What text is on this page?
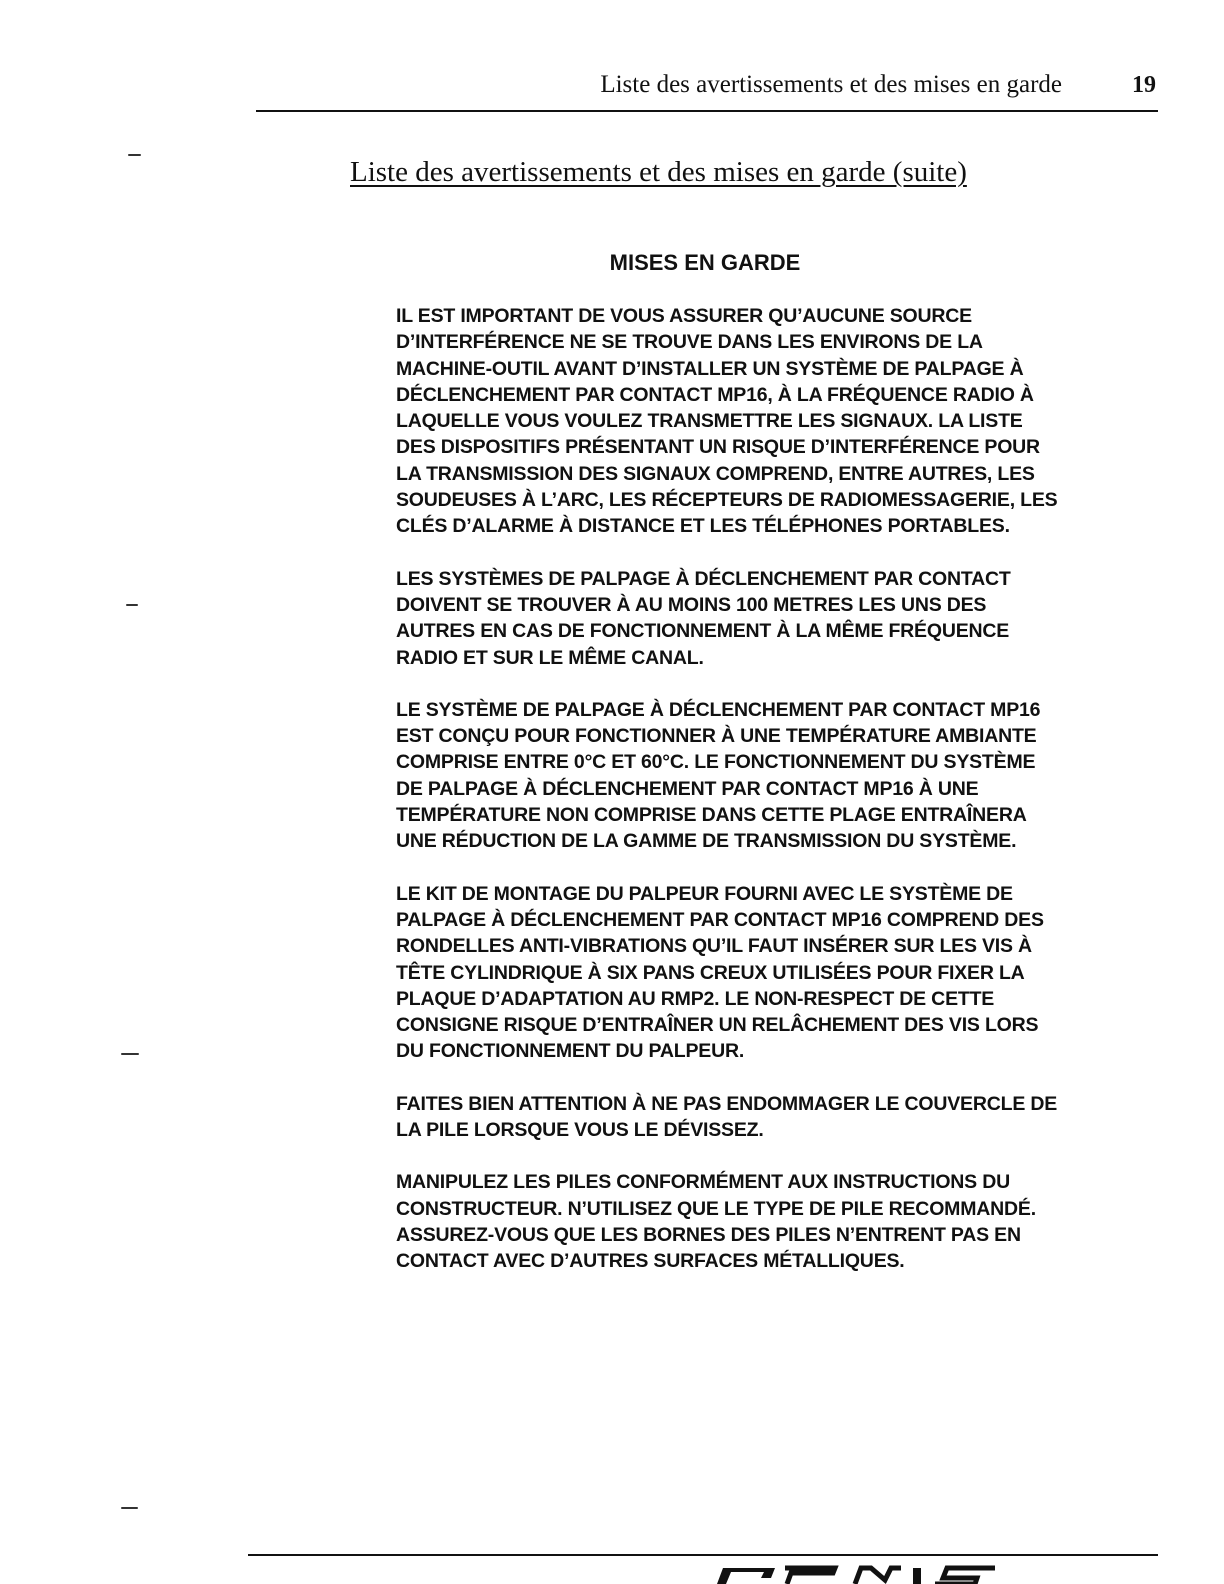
Liste des avertissements et des mises en garde	19
Liste des avertissements et des mises en garde (suite)
MISES EN GARDE

IL EST IMPORTANT DE VOUS ASSURER QU’AUCUNE SOURCE
D’INTERFÉRENCE NE SE TROUVE DANS LES ENVIRONS DE LA
MACHINE-OUTIL AVANT D’INSTALLER UN SYSTÈME DE PALPAGE À
DÉCLENCHEMENT PAR CONTACT MP16, À LA FRÉQUENCE RADIO À
LAQUELLE VOUS VOULEZ TRANSMETTRE LES SIGNAUX. LA LISTE
DES DISPOSITIFS PRÉSENTANT UN RISQUE D’INTERFÉRENCE POUR
LA TRANSMISSION DES SIGNAUX COMPREND, ENTRE AUTRES, LES
SOUDEUSES À L’ARC, LES RÉCEPTEURS DE RADIOMESSAGERIE, LES
CLÉS D’ALARME À DISTANCE ET LES TÉLÉPHONES PORTABLES.

LES SYSTÈMES DE PALPAGE À DÉCLENCHEMENT PAR CONTACT
DOIVENT SE TROUVER À AU MOINS 100 METRES LES UNS DES
AUTRES EN CAS DE FONCTIONNEMENT À LA MÊME FRÉQUENCE
RADIO ET SUR LE MÊME CANAL.

LE SYSTÈME DE PALPAGE À DÉCLENCHEMENT PAR CONTACT MP16
EST CONÇU POUR FONCTIONNER À UNE TEMPÉRATURE AMBIANTE
COMPRISE ENTRE 0°C ET 60°C. LE FONCTIONNEMENT DU SYSTÈME
DE PALPAGE À DÉCLENCHEMENT PAR CONTACT MP16 À UNE
TEMPÉRATURE NON COMPRISE DANS CETTE PLAGE ENTRAÎNERA
UNE RÉDUCTION DE LA GAMME DE TRANSMISSION DU SYSTÈME.

LE KIT DE MONTAGE DU PALPEUR FOURNI AVEC LE SYSTÈME DE
PALPAGE À DÉCLENCHEMENT PAR CONTACT MP16 COMPREND DES
RONDELLES ANTI-VIBRATIONS QU’IL FAUT INSÉRER SUR LES VIS À
TÊTE CYLINDRIQUE À SIX PANS CREUX UTILISÉES POUR FIXER LA
PLAQUE D’ADAPTATION AU RMP2. LE NON-RESPECT DE CETTE
CONSIGNE RISQUE D’ENTRAÎNER UN RELÂCHEMENT DES VIS LORS
DU FONCTIONNEMENT DU PALPEUR.

FAITES BIEN ATTENTION À NE PAS ENDOMMAGER LE COUVERCLE DE
LA PILE LORSQUE VOUS LE DÉVISSEZ.

MANIPULEZ LES PILES CONFORMÉMENT AUX INSTRUCTIONS DU
CONSTRUCTEUR. N’UTILISEZ QUE LE TYPE DE PILE RECOMMANDÉ.
ASSUREZ-VOUS QUE LES BORNES DES PILES N’ENTRENT PAS EN
CONTACT AVEC D’AUTRES SURFACES MÉTALLIQUES.
